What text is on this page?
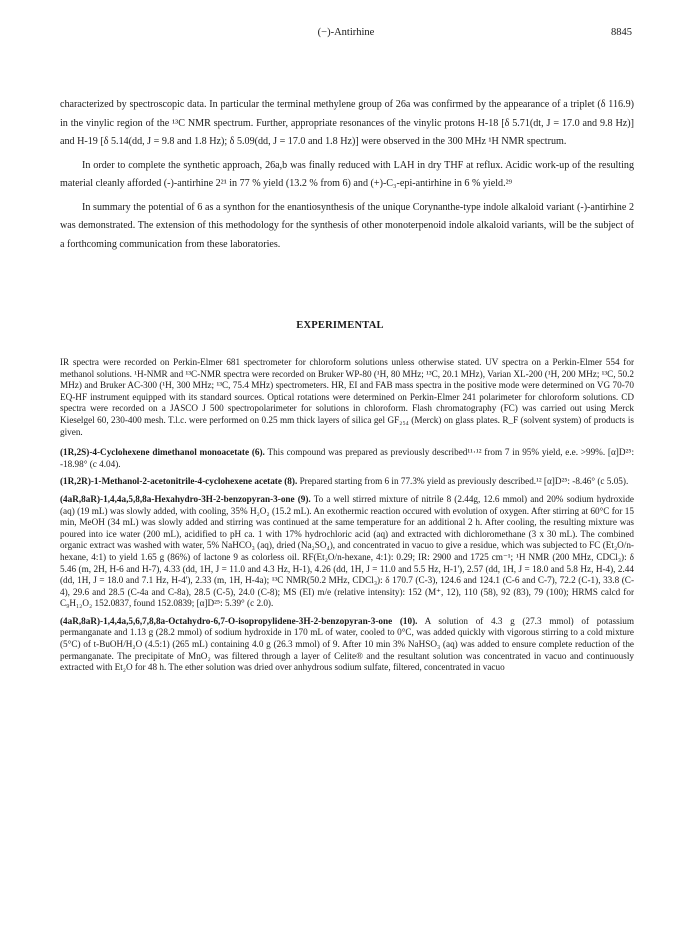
(−)-Antirhine	8845

characterized by spectroscopic data. In particular the terminal methylene group of 26a was confirmed by the appearance of a triplet (δ 116.9) in the vinylic region of the ¹³C NMR spectrum. Further, appropriate resonances of the vinylic protons H-18 [δ 5.71(dt, J = 17.0 and 9.8 Hz)] and H-19 [δ 5.14(dd, J = 9.8 and 1.8 Hz); δ 5.09(dd, J = 17.0 and 1.8 Hz)] were observed in the 300 MHz ¹H NMR spectrum.

In order to complete the synthetic approach, 26a,b was finally reduced with LAH in dry THF at reflux. Acidic work-up of the resulting material cleanly afforded (-)-antirhine 2²¹ in 77 % yield (13.2 % from 6) and (+)-C₃-epi-antirhine in 6 % yield.²⁹

In summary the potential of 6 as a synthon for the enantiosynthesis of the unique Corynanthe-type indole alkaloid variant (-)-antirhine 2 was demonstrated. The extension of this methodology for the synthesis of other monoterpenoid indole alkaloid variants, will be the subject of a forthcoming communication from these laboratories.

EXPERIMENTAL

IR spectra were recorded on Perkin-Elmer 681 spectrometer for chloroform solutions unless otherwise stated. UV spectra on a Perkin-Elmer 554 for methanol solutions. ¹H-NMR and ¹³C-NMR spectra were recorded on Bruker WP-80 (¹H, 80 MHz; ¹³C, 20.1 MHz), Varian XL-200 (¹H, 200 MHz; ¹³C, 50.2 MHz) and Bruker AC-300 (¹H, 300 MHz; ¹³C, 75.4 MHz) spectrometers. HR, EI and FAB mass spectra in the positive mode were determined on VG 70-70 EQ-HF instrument equipped with its standard sources. Optical rotations were determined on Perkin-Elmer 241 polarimeter for chloroform solutions. CD spectra were recorded on a JASCO J 500 spectropolarimeter for solutions in chloroform. Flash chromatography (FC) was carried out using Merck Kieselgel 60, 230-400 mesh. T.l.c. were performed on 0.25 mm thick layers of silica gel GF₂₅₄ (Merck) on glass plates. R_F (solvent system) of products is given.

(1R,2S)-4-Cyclohexene dimethanol monoacetate (6). This compound was prepared as previously described¹¹·¹² from 7 in 95% yield, e.e. >99%. [α]D²⁵: -18.98° (c 4.04).

(1R,2R)-1-Methanol-2-acetonitrile-4-cyclohexene acetate (8). Prepared starting from 6 in 77.3% yield as previously described.¹² [α]D²⁵: -8.46° (c 5.05).

(4aR,8aR)-1,4,4a,5,8,8a-Hexahydro-3H-2-benzopyran-3-one (9). To a well stirred mixture of nitrile 8 (2.44g, 12.6 mmol) and 20% sodium hydroxide (aq) (19 mL) was slowly added, with cooling, 35% H₂O₂ (15.2 mL). An exothermic reaction occured with evolution of oxygen. After stirring at 60°C for 15 min, MeOH (34 mL) was slowly added and stirring was continued at the same temperature for an additional 2 h. After cooling, the resulting mixture was poured into ice water (200 mL), acidified to pH ca. 1 with 17% hydrochloric acid (aq) and extracted with dichloromethane (3 x 30 mL). The combined organic extract was washed with water, 5% NaHCO₃ (aq), dried (Na₂SO₄), and concentrated in vacuo to give a residue, which was subjected to FC (Et₂O/n-hexane, 4:1) to yield 1.65 g (86%) of lactone 9 as colorless oil. RF(Et₂O/n-hexane, 4:1): 0.29; IR: 2900 and 1725 cm⁻¹; ¹H NMR (200 MHz, CDCl₃): δ 5.46 (m, 2H, H-6 and H-7), 4.33 (dd, 1H, J = 11.0 and 4.3 Hz, H-1), 4.26 (dd, 1H, J = 11.0 and 5.5 Hz, H-1'), 2.57 (dd, 1H, J = 18.0 and 5.8 Hz, H-4), 2.44 (dd, 1H, J = 18.0 and 7.1 Hz, H-4'), 2.33 (m, 1H, H-4a); ¹³C NMR(50.2 MHz, CDCl₃): δ 170.7 (C-3), 124.6 and 124.1 (C-6 and C-7), 72.2 (C-1), 33.8 (C-4), 29.6 and 28.5 (C-4a and C-8a), 28.5 (C-5), 24.0 (C-8); MS (EI) m/e (relative intensity): 152 (M⁺, 12), 110 (58), 92 (83), 79 (100); HRMS calcd for C₉H₁₂O₂ 152.0837, found 152.0839; [α]D²⁵: 5.39° (c 2.0).

(4aR,8aR)-1,4,4a,5,6,7,8,8a-Octahydro-6,7-O-isopropylidene-3H-2-benzopyran-3-one (10). A solution of 4.3 g (27.3 mmol) of potassium permanganate and 1.13 g (28.2 mmol) of sodium hydroxide in 170 mL of water, cooled to 0°C, was added quickly with vigorous stirring to a cold mixture (5°C) of t-BuOH/H₂O (4.5:1) (265 mL) containing 4.0 g (26.3 mmol) of 9. After 10 min 3% NaHSO₃ (aq) was added to ensure complete reduction of the permanganate. The precipitate of MnO₂ was filtered through a layer of Celite® and the resultant solution was concentrated in vacuo and continuously extracted with Et₂O for 48 h. The ether solution was dried over anhydrous sodium sulfate, filtered, concentrated in vacuo
